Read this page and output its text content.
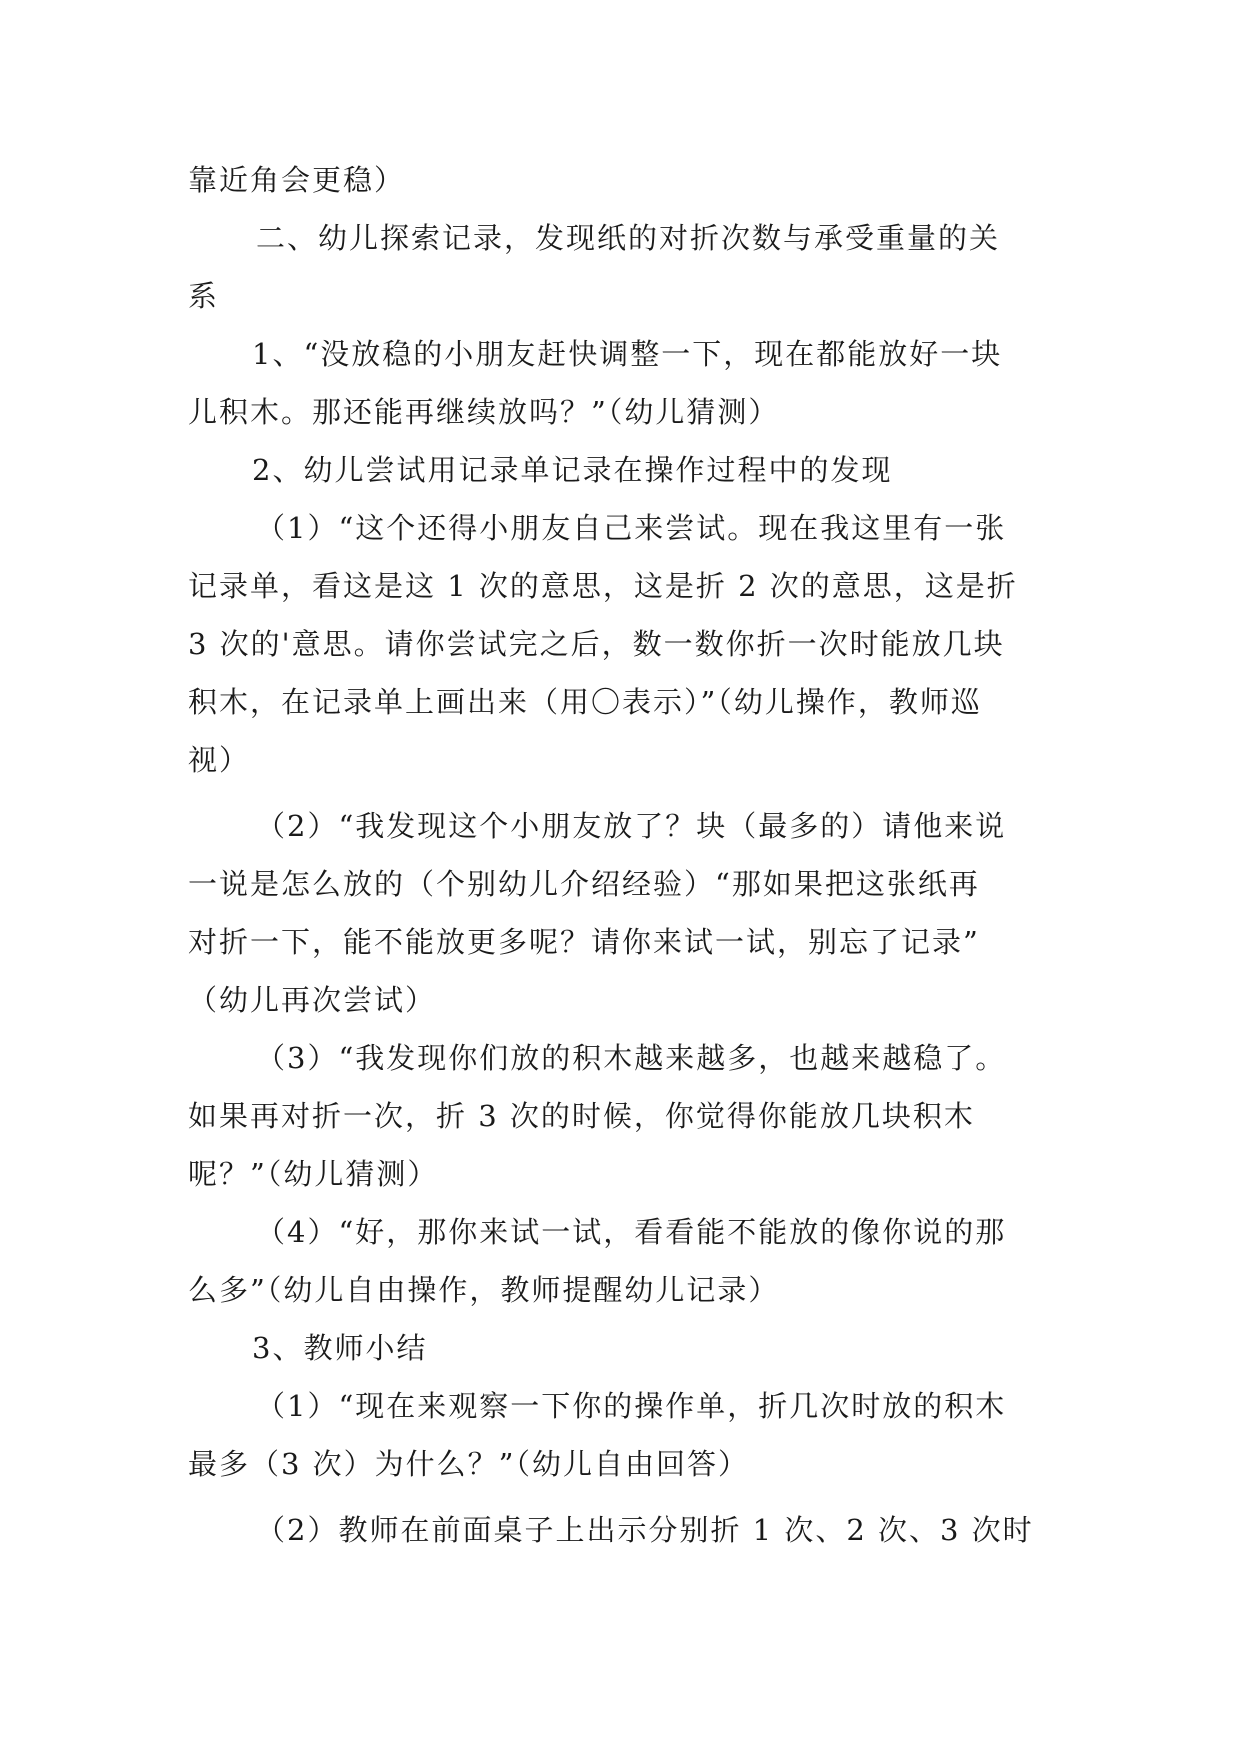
靠近角会更稳）

二、幼儿探索记录，发现纸的对折次数与承受重量的关

系

1、“没放稳的小朋友赶快调整一下，现在都能放好一块

儿积木。那还能再继续放吗？”（幼儿猜测）

2、幼儿尝试用记录单记录在操作过程中的发现

（1）“这个还得小朋友自己来尝试。现在我这里有一张

记录单，看这是这 1 次的意思，这是折 2 次的意思，这是折

3 次的'意思。请你尝试完之后，数一数你折一次时能放几块

积木，在记录单上画出来（用〇表示）”（幼儿操作，教师巡

视）

（2）“我发现这个小朋友放了？块（最多的）请他来说

一说是怎么放的（个别幼儿介绍经验）“那如果把这张纸再

对折一下，能不能放更多呢？请你来试一试，别忘了记录”

（幼儿再次尝试）

（3）“我发现你们放的积木越来越多，也越来越稳了。

如果再对折一次，折 3 次的时候，你觉得你能放几块积木

呢？”（幼儿猜测）

（4）“好，那你来试一试，看看能不能放的像你说的那

么多”（幼儿自由操作，教师提醒幼儿记录）

3、教师小结

（1）“现在来观察一下你的操作单，折几次时放的积木

最多（3 次）为什么？”（幼儿自由回答）

（2）教师在前面桌子上出示分别折 1 次、2 次、3 次时
